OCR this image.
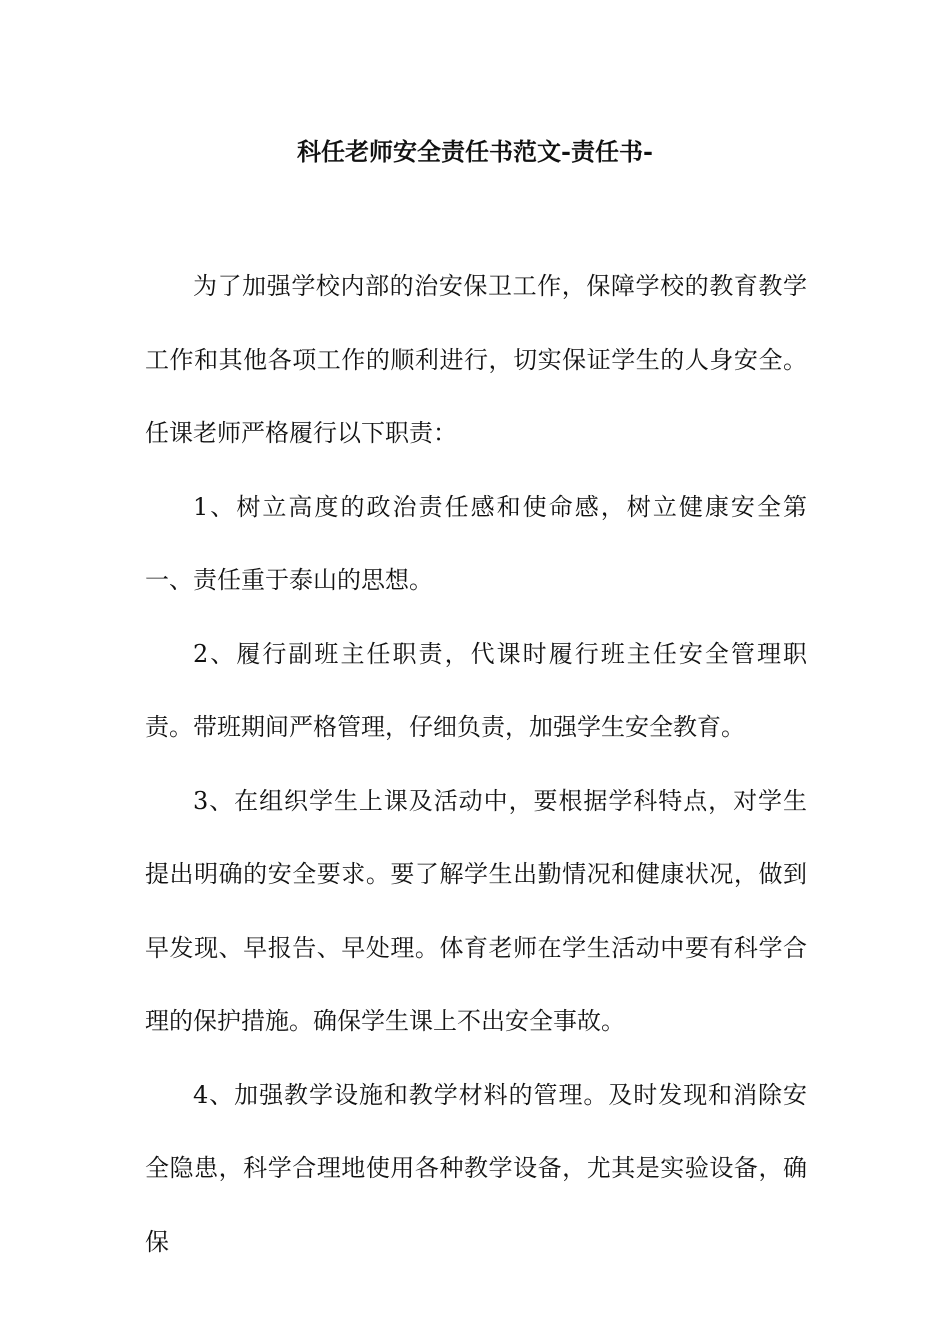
科任老师安全责任书范文-责任书-

为了加强学校内部的治安保卫工作，保障学校的教育教学工作和其他各项工作的顺利进行，切实保证学生的人身安全。任课老师严格履行以下职责：

1、树立高度的政治责任感和使命感，树立健康安全第一、责任重于泰山的思想。

2、履行副班主任职责，代课时履行班主任安全管理职责。带班期间严格管理，仔细负责，加强学生安全教育。

3、在组织学生上课及活动中，要根据学科特点，对学生提出明确的安全要求。要了解学生出勤情况和健康状况，做到早发现、早报告、早处理。体育老师在学生活动中要有科学合理的保护措施。确保学生课上不出安全事故。

4、加强教学设施和教学材料的管理。及时发现和消除安全隐患，科学合理地使用各种教学设备，尤其是实验设备，确保
